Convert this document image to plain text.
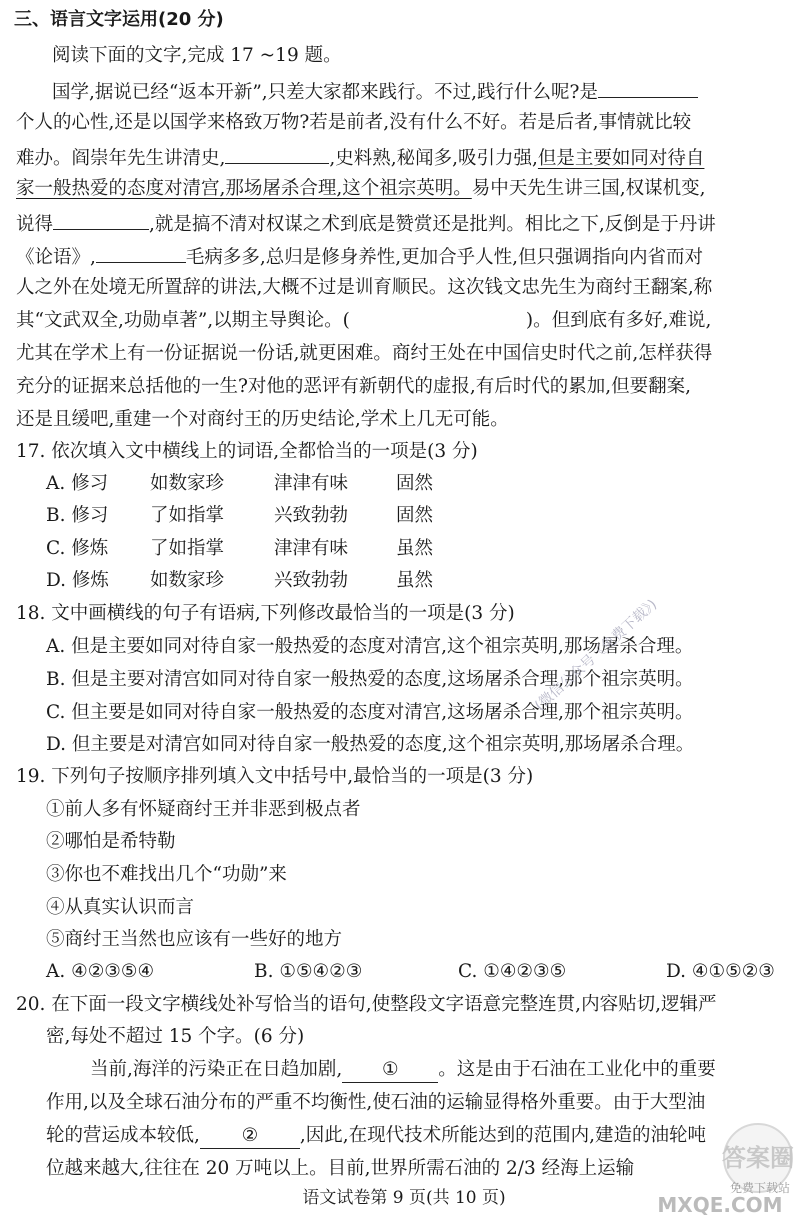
三、语言文字运用(20 分)
阅读下面的文字,完成 17 ~19 题。
国学,据说已经“返本开新”,只差大家都来践行。不过,践行什么呢?是
个人的心性,还是以国学来格致万物?若是前者,没有什么不好。若是后者,事情就比较
难办。阎崇年先生讲清史,	,史料熟,秘闻多,吸引力强,但是主要如同对待自
家一般热爱的态度对清宫,那场屠杀合理,这个祖宗英明。易中天先生讲三国,权谋机变,
说得	,就是搞不清对权谋之术到底是赞赏还是批判。相比之下,反倒是于丹讲
《论语》,	毛病多多,总归是修身养性,更加合乎人性,但只强调指向内省而对
人之外在处境无所置辞的讲法,大概不过是训育顺民。这次钱文忠先生为商纣王翻案,称
其“文武双全,功勋卓著”,以期主导舆论。(	)。但到底有多好,难说,
尤其在学术上有一份证据说一份话,就更困难。商纣王处在中国信史时代之前,怎样获得
充分的证据来总括他的一生?对他的恶评有新朝代的虚报,有后时代的累加,但要翻案,
还是且缓吧,重建一个对商纣王的历史结论,学术上几无可能。
17. 依次填入文中横线上的词语,全都恰当的一项是(3 分)
A. 修习 如数家珍	津津有味	固然
B. 修习 了如指掌	兴致勃勃	固然
C. 修炼 了如指掌	津津有味	虽然
D. 修炼 如数家珍	兴致勃勃	虽然
18. 文中画横线的句子有语病,下列修改最恰当的一项是(3 分)
A. 但是主要如同对待自家一般热爱的态度对清宫,这个祖宗英明,那场屠杀合理。
B. 但是主要对清宫如同对待自家一般热爱的态度,这场屠杀合理,那个祖宗英明。
C. 但主要是如同对待自家一般热爱的态度对清宫,这场屠杀合理,那个祖宗英明。
D. 但主要是对清宫如同对待自家一般热爱的态度,这个祖宗英明,那场屠杀合理。
19. 下列句子按顺序排列填入文中括号中,最恰当的一项是(3 分)
①前人多有怀疑商纣王并非恶到极点者
②哪怕是希特勒
③你也不难找出几个“功勋”来
④从真实认识而言
⑤商纣王当然也应该有一些好的地方
A. ④②③⑤④	B. ①⑤④②③	C. ①④②③⑤	D. ④①⑤②③
20. 在下面一段文字横线处补写恰当的语句,使整段文字语意完整连贯,内容贴切,逻辑严
密,每处不超过 15 个字。(6 分)
当前,海洋的污染正在日趋加剧, ① 。这是由于石油在工业化中的重要
作用,以及全球石油分布的严重不均衡性,使石油的运输显得格外重要。由于大型油
轮的营运成本较低, ② ,因此,在现代技术所能达到的范围内,建造的油轮吨
位越来越大,往往在 20 万吨以上。目前,世界所需石油的 2/3 经海上运输
语文试卷第 9 页(共 10 页)
(微信公众号《免费下载》)
答案圈
免费下载站
MXQE.COM
